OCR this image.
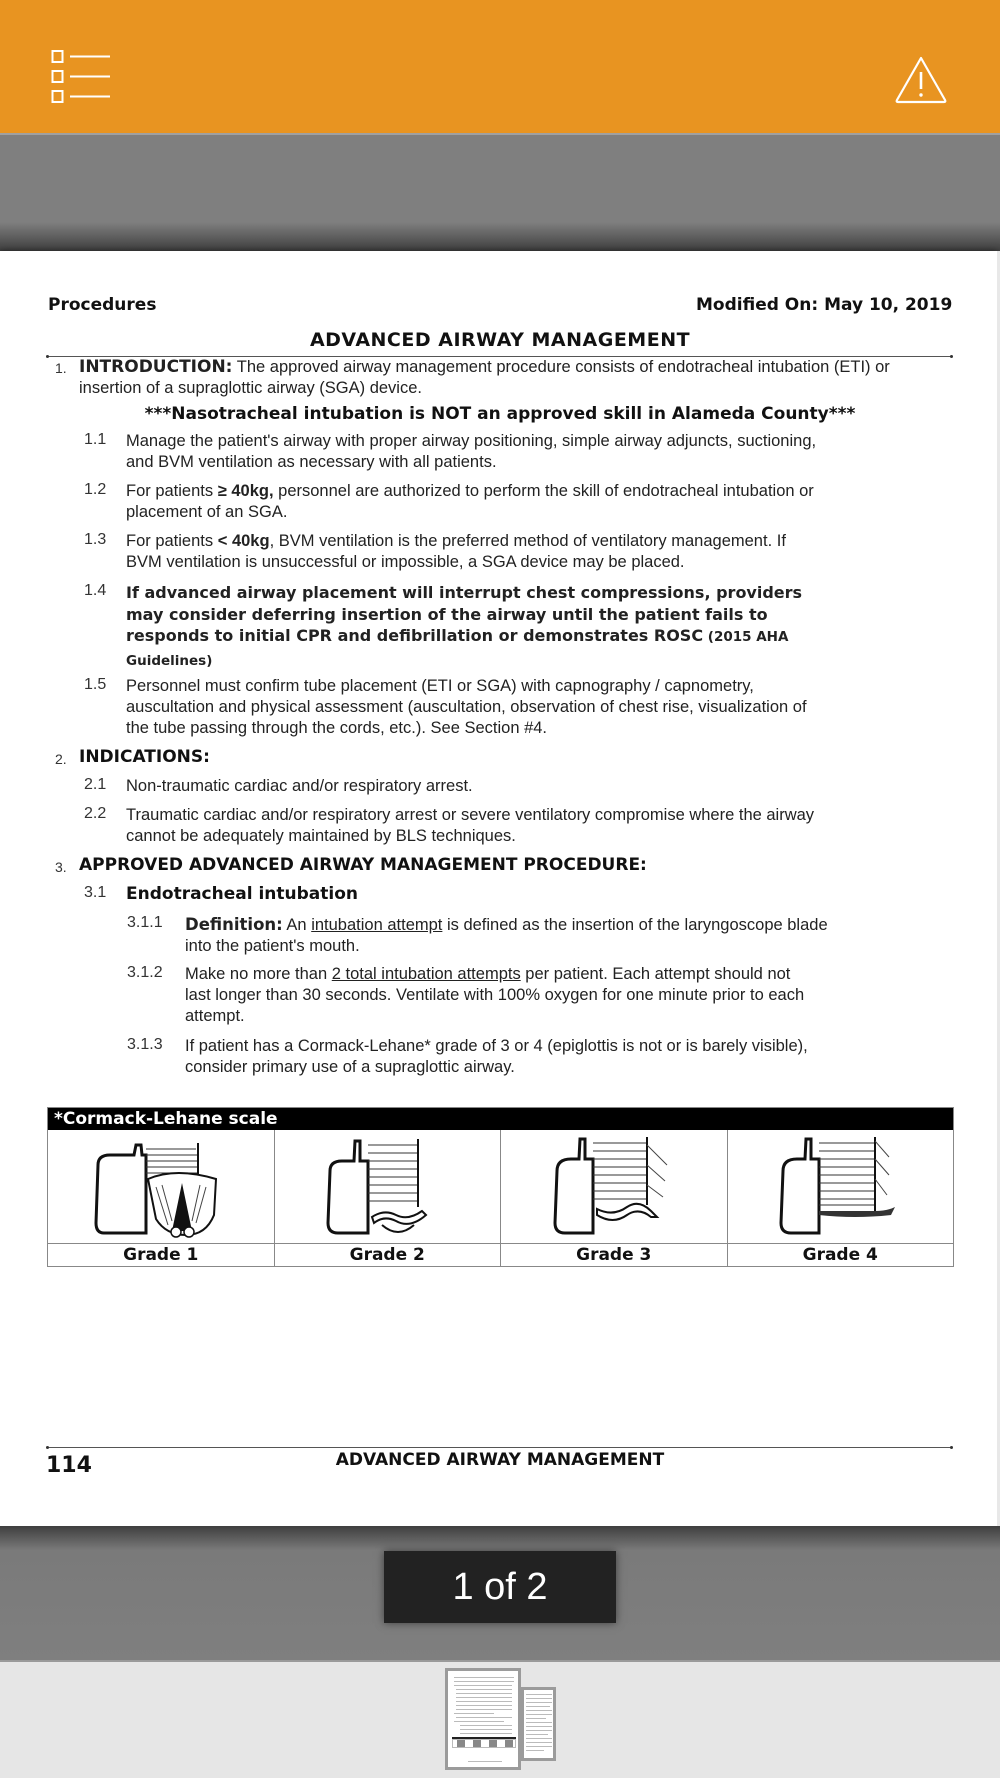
Procedures	Modified On: May 10, 2019
ADVANCED AIRWAY MANAGEMENT
1. INTRODUCTION: The approved airway management procedure consists of endotracheal intubation (ETI) or
insertion of a supraglottic airway (SGA) device.
***Nasotracheal intubation is NOT an approved skill in Alameda County***
1.1 Manage the patient's airway with proper airway positioning, simple airway adjuncts, suctioning,
and BVM ventilation as necessary with all patients.
1.2 For patients ≥ 40kg, personnel are authorized to perform the skill of endotracheal intubation or
placement of an SGA.
1.3 For patients < 40kg, BVM ventilation is the preferred method of ventilatory management. If
BVM ventilation is unsuccessful or impossible, a SGA device may be placed.
1.4 If advanced airway placement will interrupt chest compressions, providers
may consider deferring insertion of the airway until the patient fails to
responds to initial CPR and defibrillation or demonstrates ROSC (2015 AHA
Guidelines)
1.5 Personnel must confirm tube placement (ETI or SGA) with capnography / capnometry,
auscultation and physical assessment (auscultation, observation of chest rise, visualization of
the tube passing through the cords, etc.). See Section #4.
2. INDICATIONS:
2.1 Non-traumatic cardiac and/or respiratory arrest.
2.2 Traumatic cardiac and/or respiratory arrest or severe ventilatory compromise where the airway
cannot be adequately maintained by BLS techniques.
3. APPROVED ADVANCED AIRWAY MANAGEMENT PROCEDURE:
3.1 Endotracheal intubation
3.1.1 Definition: An intubation attempt is defined as the insertion of the laryngoscope blade
into the patient's mouth.
3.1.2 Make no more than 2 total intubation attempts per patient. Each attempt should not
last longer than 30 seconds. Ventilate with 100% oxygen for one minute prior to each
attempt.
3.1.3 If patient has a Cormack-Lehane* grade of 3 or 4 (epiglottis is not or is barely visible),
consider primary use of a supraglottic airway.
*Cormack-Lehane scale
Grade 1	Grade 2	Grade 3	Grade 4
114	ADVANCED AIRWAY MANAGEMENT
1 of 2
